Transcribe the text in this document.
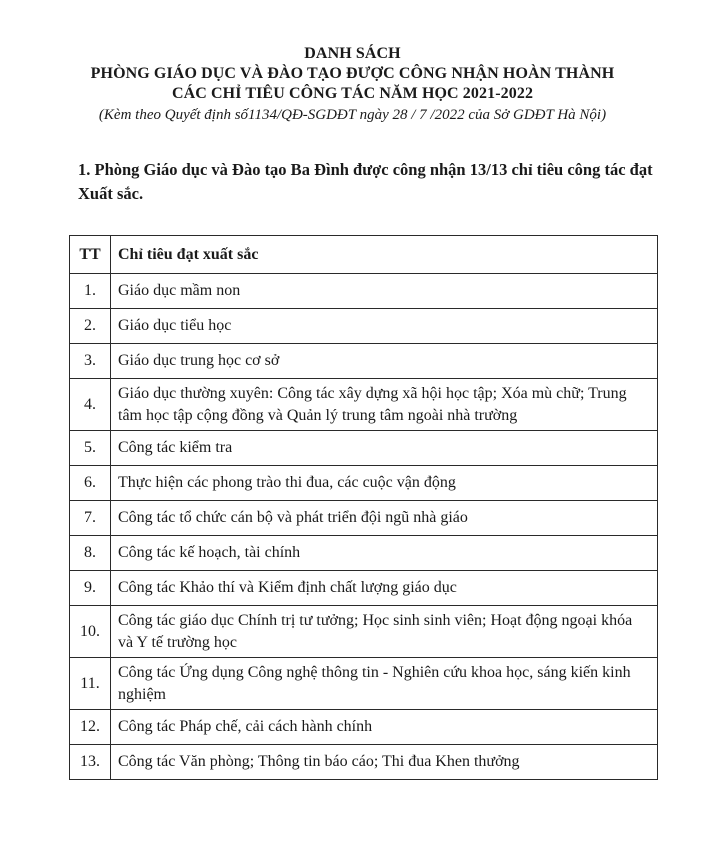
DANH SÁCH
PHÒNG GIÁO DỤC VÀ ĐÀO TẠO ĐƯỢC CÔNG NHẬN HOÀN THÀNH
CÁC CHỈ TIÊU CÔNG TÁC NĂM HỌC 2021-2022
(Kèm theo Quyết định số1134/QĐ-SGDĐT ngày 28 / 7 /2022 của Sở GDĐT Hà Nội)
1. Phòng Giáo dục và Đào tạo Ba Đình được công nhận 13/13 chỉ tiêu công tác đạt Xuất sắc.
TT	Chỉ tiêu đạt xuất sắc
1.	Giáo dục mầm non
2.	Giáo dục tiểu học
3.	Giáo dục trung học cơ sở
4.	Giáo dục thường xuyên: Công tác xây dựng xã hội học tập; Xóa mù chữ; Trung tâm học tập cộng đồng và Quản lý trung tâm ngoài nhà trường
5.	Công tác kiểm tra
6.	Thực hiện các phong trào thi đua, các cuộc vận động
7.	Công tác tổ chức cán bộ và phát triển đội ngũ nhà giáo
8.	Công tác kế hoạch, tài chính
9.	Công tác Khảo thí và Kiểm định chất lượng giáo dục
10.	Công tác giáo dục Chính trị tư tưởng; Học sinh sinh viên; Hoạt động ngoại khóa và Y tế trường học
11.	Công tác Ứng dụng Công nghệ thông tin - Nghiên cứu khoa học, sáng kiến kinh nghiệm
12.	Công tác Pháp chế, cải cách hành chính
13.	Công tác Văn phòng; Thông tin báo cáo; Thi đua Khen thưởng
